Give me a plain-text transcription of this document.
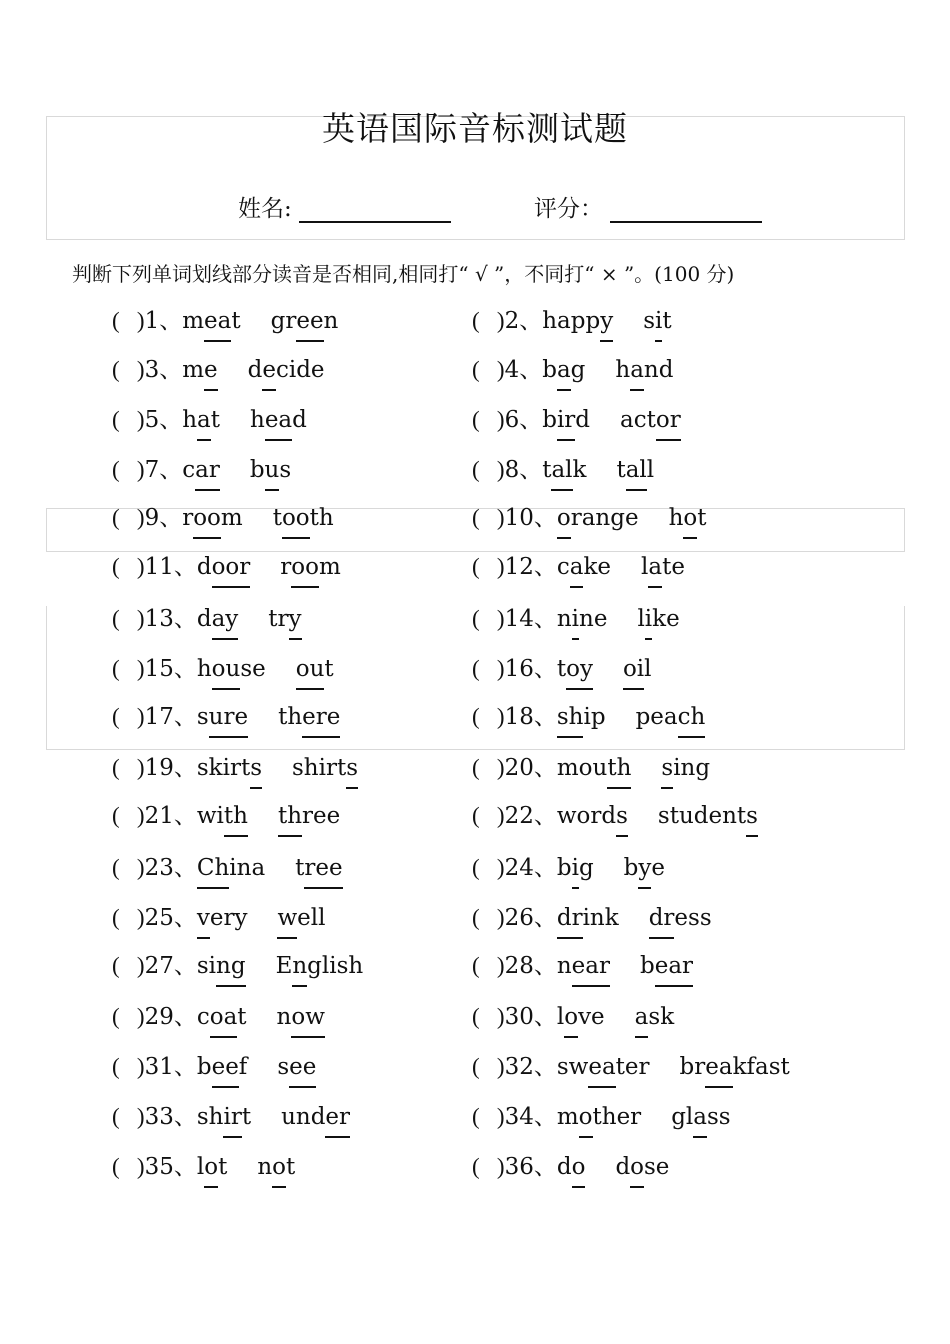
英语国际音标测试题
姓名:	评分：
判断下列单词划线部分读音是否相同,相同打“ √ ”，不同打“ × ”。(100 分)
(   )1、meat green	(   )2、happy sit
(   )3、me decide	(   )4、bag hand
(   )5、hat head	(   )6、bird actor
(   )7、car bus	(   )8、talk tall
(   )9、room tooth	(   )10、orange hot
(   )11、door room	(   )12、cake late
(   )13、day try	(   )14、nine like
(   )15、house out	(   )16、toy oil
(   )17、sure there	(   )18、ship peach
(   )19、skirts shirts	(   )20、mouth sing
(   )21、with three	(   )22、words students
(   )23、China tree	(   )24、big bye
(   )25、very well	(   )26、drink dress
(   )27、sing English	(   )28、near bear
(   )29、coat now	(   )30、love ask
(   )31、beef see	(   )32、sweater breakfast
(   )33、shirt under	(   )34、mother glass
(   )35、lot not	(   )36、do dose
